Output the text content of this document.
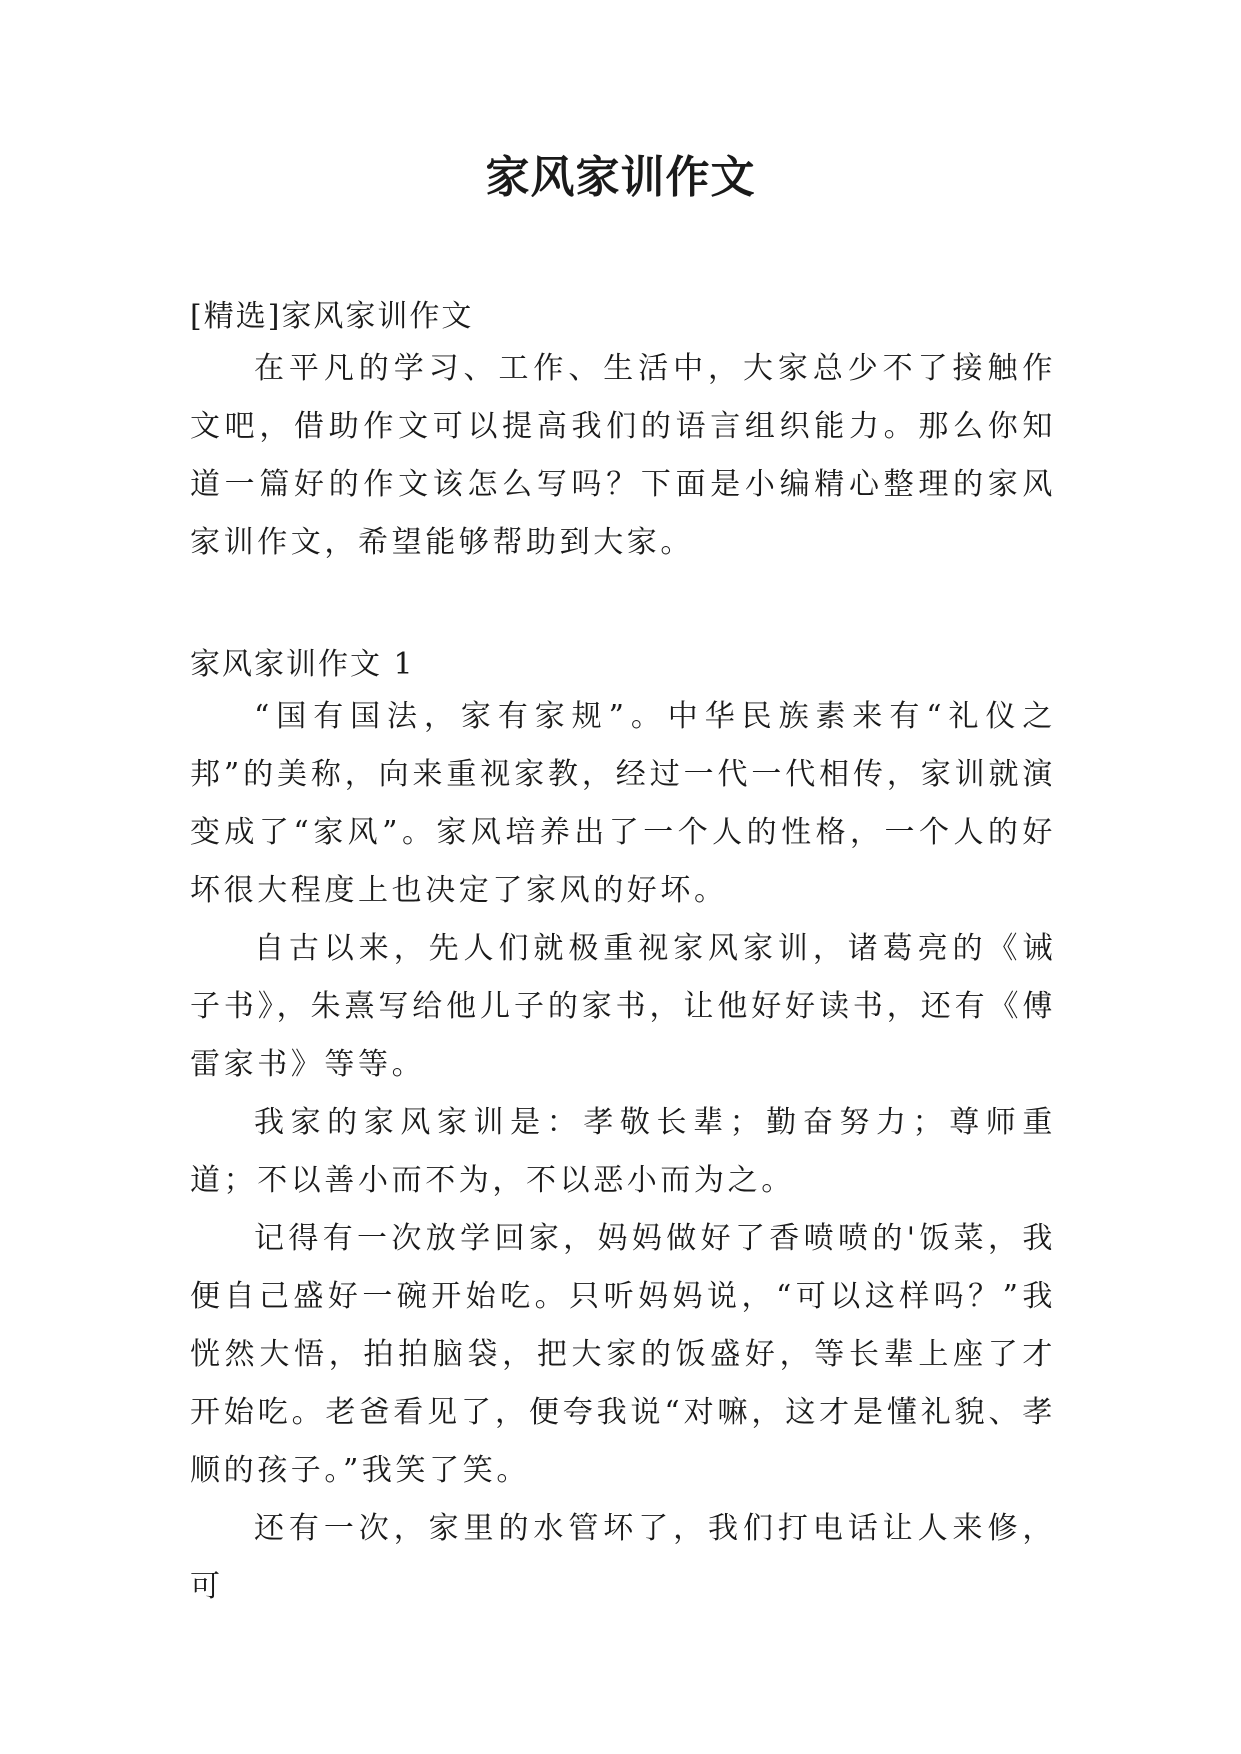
家风家训作文

[精选]家风家训作文

在平凡的学习、工作、生活中，大家总少不了接触作文吧，借助作文可以提高我们的语言组织能力。那么你知道一篇好的作文该怎么写吗？下面是小编精心整理的家风家训作文，希望能够帮助到大家。

家风家训作文 1

“国有国法，家有家规”。中华民族素来有“礼仪之邦”的美称，向来重视家教，经过一代一代相传，家训就演变成了“家风”。家风培养出了一个人的性格，一个人的好坏很大程度上也决定了家风的好坏。

自古以来，先人们就极重视家风家训，诸葛亮的《诫子书》，朱熹写给他儿子的家书，让他好好读书，还有《傅雷家书》等等。

我家的家风家训是：孝敬长辈；勤奋努力；尊师重道；不以善小而不为，不以恶小而为之。

记得有一次放学回家，妈妈做好了香喷喷的'饭菜，我便自己盛好一碗开始吃。只听妈妈说，“可以这样吗？”我恍然大悟，拍拍脑袋，把大家的饭盛好，等长辈上座了才开始吃。老爸看见了，便夸我说“对嘛，这才是懂礼貌、孝顺的孩子。”我笑了笑。

还有一次，家里的水管坏了，我们打电话让人来修，可
